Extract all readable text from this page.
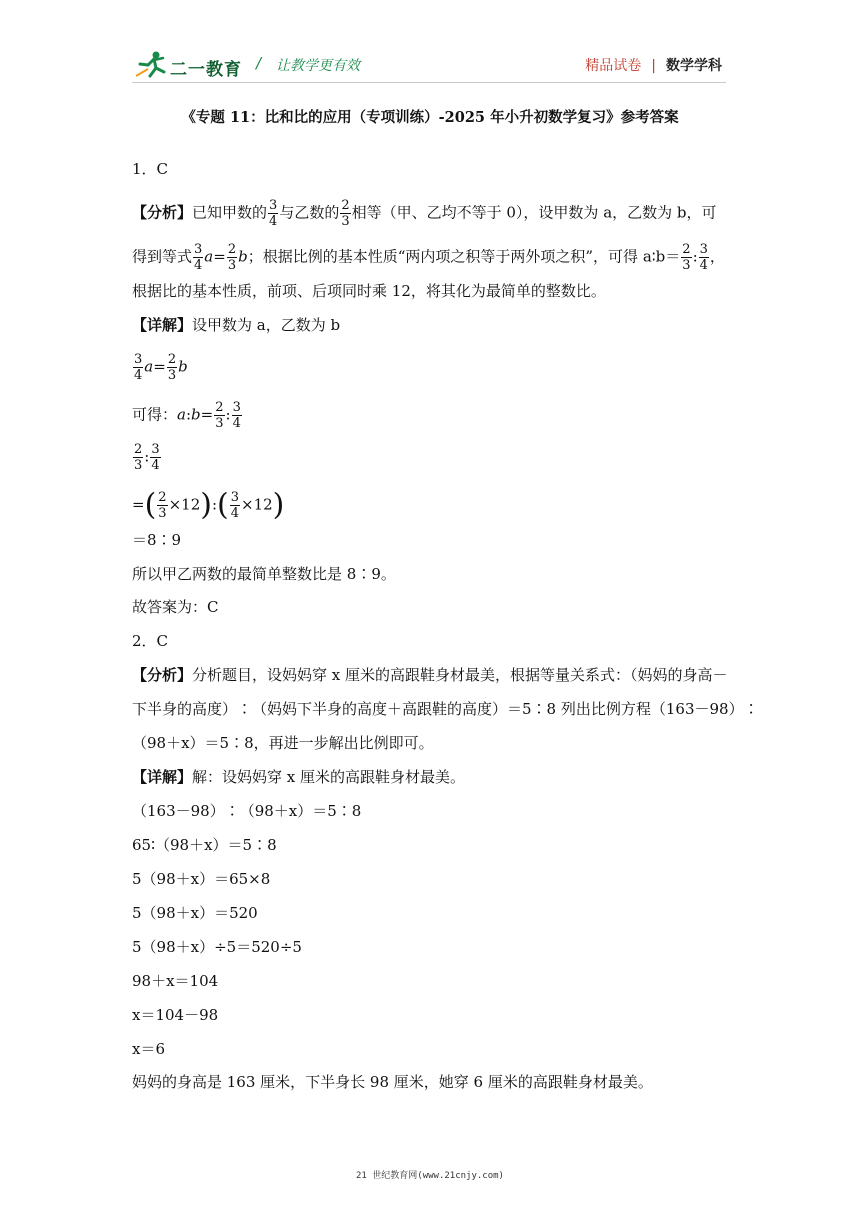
二一教育 / 让教学更有效	精品试卷 | 数学学科
《专题 11：比和比的应用（专项训练）-2025 年小升初数学复习》参考答案
1．C
【分析】已知甲数的 $\frac{3}{4}$ 与乙数的 $\frac{2}{3}$ 相等（甲、乙均不等于 0），设甲数为 a，乙数为 b，可
得到等式 $\frac{3}{4} a= \frac{2}{3}$ b；根据比例的基本性质“两内项之积等于两外项之积”，可得 a∶b＝ $\frac{2}{3}$ : $\frac{3}{4}$ ，
根据比的基本性质，前项、后项同时乘 12，将其化为最简单的整数比。
【详解】设甲数为 a，乙数为 b
$\frac{3}{4} a= \frac{2}{3}$ b
可得：a:b= $\frac{2}{3}$ : $\frac{3}{4}$
$\frac{2}{3}$ : $\frac{3}{4}$
=( $\frac{2}{3}$ ×12):( $\frac{3}{4} \times 12$)
＝8∶9
所以甲乙两数的最简单整数比是 8∶9。
故答案为：C
2．C
【分析】分析题目，设妈妈穿 x 厘米的高跟鞋身材最美，根据等量关系式：（妈妈的身高－
下半身的高度）∶（妈妈下半身的高度＋高跟鞋的高度）＝5∶8 列出比例方程（163－98）∶
（98＋x）＝5∶8，再进一步解出比例即可。
【详解】解：设妈妈穿 x 厘米的高跟鞋身材最美。
（163－98）∶（98＋x）＝5∶8
65∶（98＋x）＝5∶8
5（98＋x）＝65×8
5（98＋x）＝520
5（98＋x）÷5＝520÷5
98＋x＝104
x＝104－98
x＝6
妈妈的身高是 163 厘米，下半身长 98 厘米，她穿 6 厘米的高跟鞋身材最美。
21 世纪教育网(www.21cnjy.com)
